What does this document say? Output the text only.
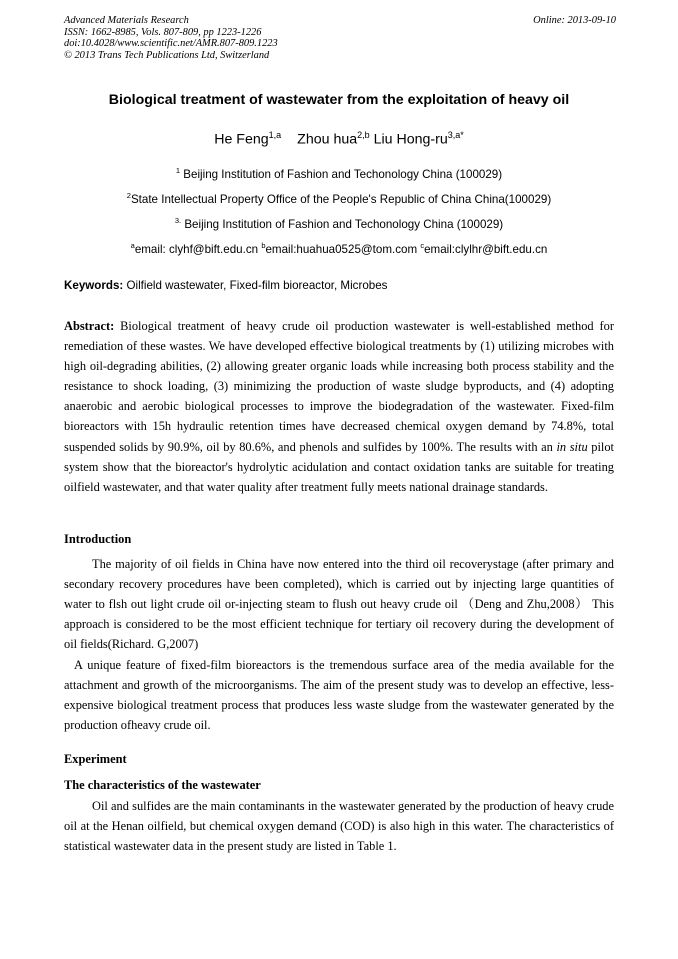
Advanced Materials Research
ISSN: 1662-8985, Vols. 807-809, pp 1223-1226
doi:10.4028/www.scientific.net/AMR.807-809.1223
© 2013 Trans Tech Publications Ltd, Switzerland
Online: 2013-09-10
Biological treatment of wastewater from the exploitation of heavy oil
He Feng$^{1,a}$ Zhou hua$^{2,b}$ Liu Hong-$ru^{3,a*}$
$^1$ Beijing Institution of Fashion and Techonology China (100029)
$^2$State Intellectual Property Office of the People's Republic of China China(100029)
$^{3.}$ Beijing Institution of Fashion and Techonology China (100029)
$^a$email: clyhf@bift.edu.cn $^b$email:huahua0525@tom.com $^c$email:clylhr@bift.edu.cn
Keywords: Oilfield wastewater, Fixed-film bioreactor, Microbes

Abstract: Biological treatment of heavy crude oil production wastewater is well-established method for remediation of these wastes. We have developed effective biological treatments by (1) utilizing microbes with high oil-degrading abilities, (2) allowing greater organic loads while increasing both process stability and the resistance to shock loading, (3) minimizing the production of waste sludge byproducts, and (4) adopting anaerobic and aerobic biological processes to improve the biodegradation of the wastewater. Fixed-film bioreactors with 15h hydraulic retention times have decreased chemical oxygen demand by 74.8%, total suspended solids by 90.9%, oil by 80.6%, and phenols and sulfides by 100%. The results with an in situ pilot system show that the bioreactor's hydrolytic acidulation and contact oxidation tanks are suitable for treating oilfield wastewater, and that water quality after treatment fully meets national drainage standards.

Introduction

The majority of oil fields in China have now entered into the third oil recoverystage (after primary and secondary recovery procedures have been completed), which is carried out by injecting large quantities of water to flsh out light crude oil or-injecting steam to flush out heavy crude oil （Deng and Zhu,2008） This approach is considered to be the most efficient technique for tertiary oil recovery during the development of oil fields(Richard. G,2007)

A unique feature of fixed-film bioreactors is the tremendous surface area of the media available for the attachment and growth of the microorganisms. The aim of the present study was to develop an effective, less-expensive biological treatment process that produces less waste sludge from the wastewater generated by the production ofheavy crude oil.

Experiment
The characteristics of the wastewater

Oil and sulfides are the main contaminants in the wastewater generated by the production of heavy crude oil at the Henan oilfield, but chemical oxygen demand (COD) is also high in this water. The characteristics of statistical wastewater data in the present study are listed in Table 1.
